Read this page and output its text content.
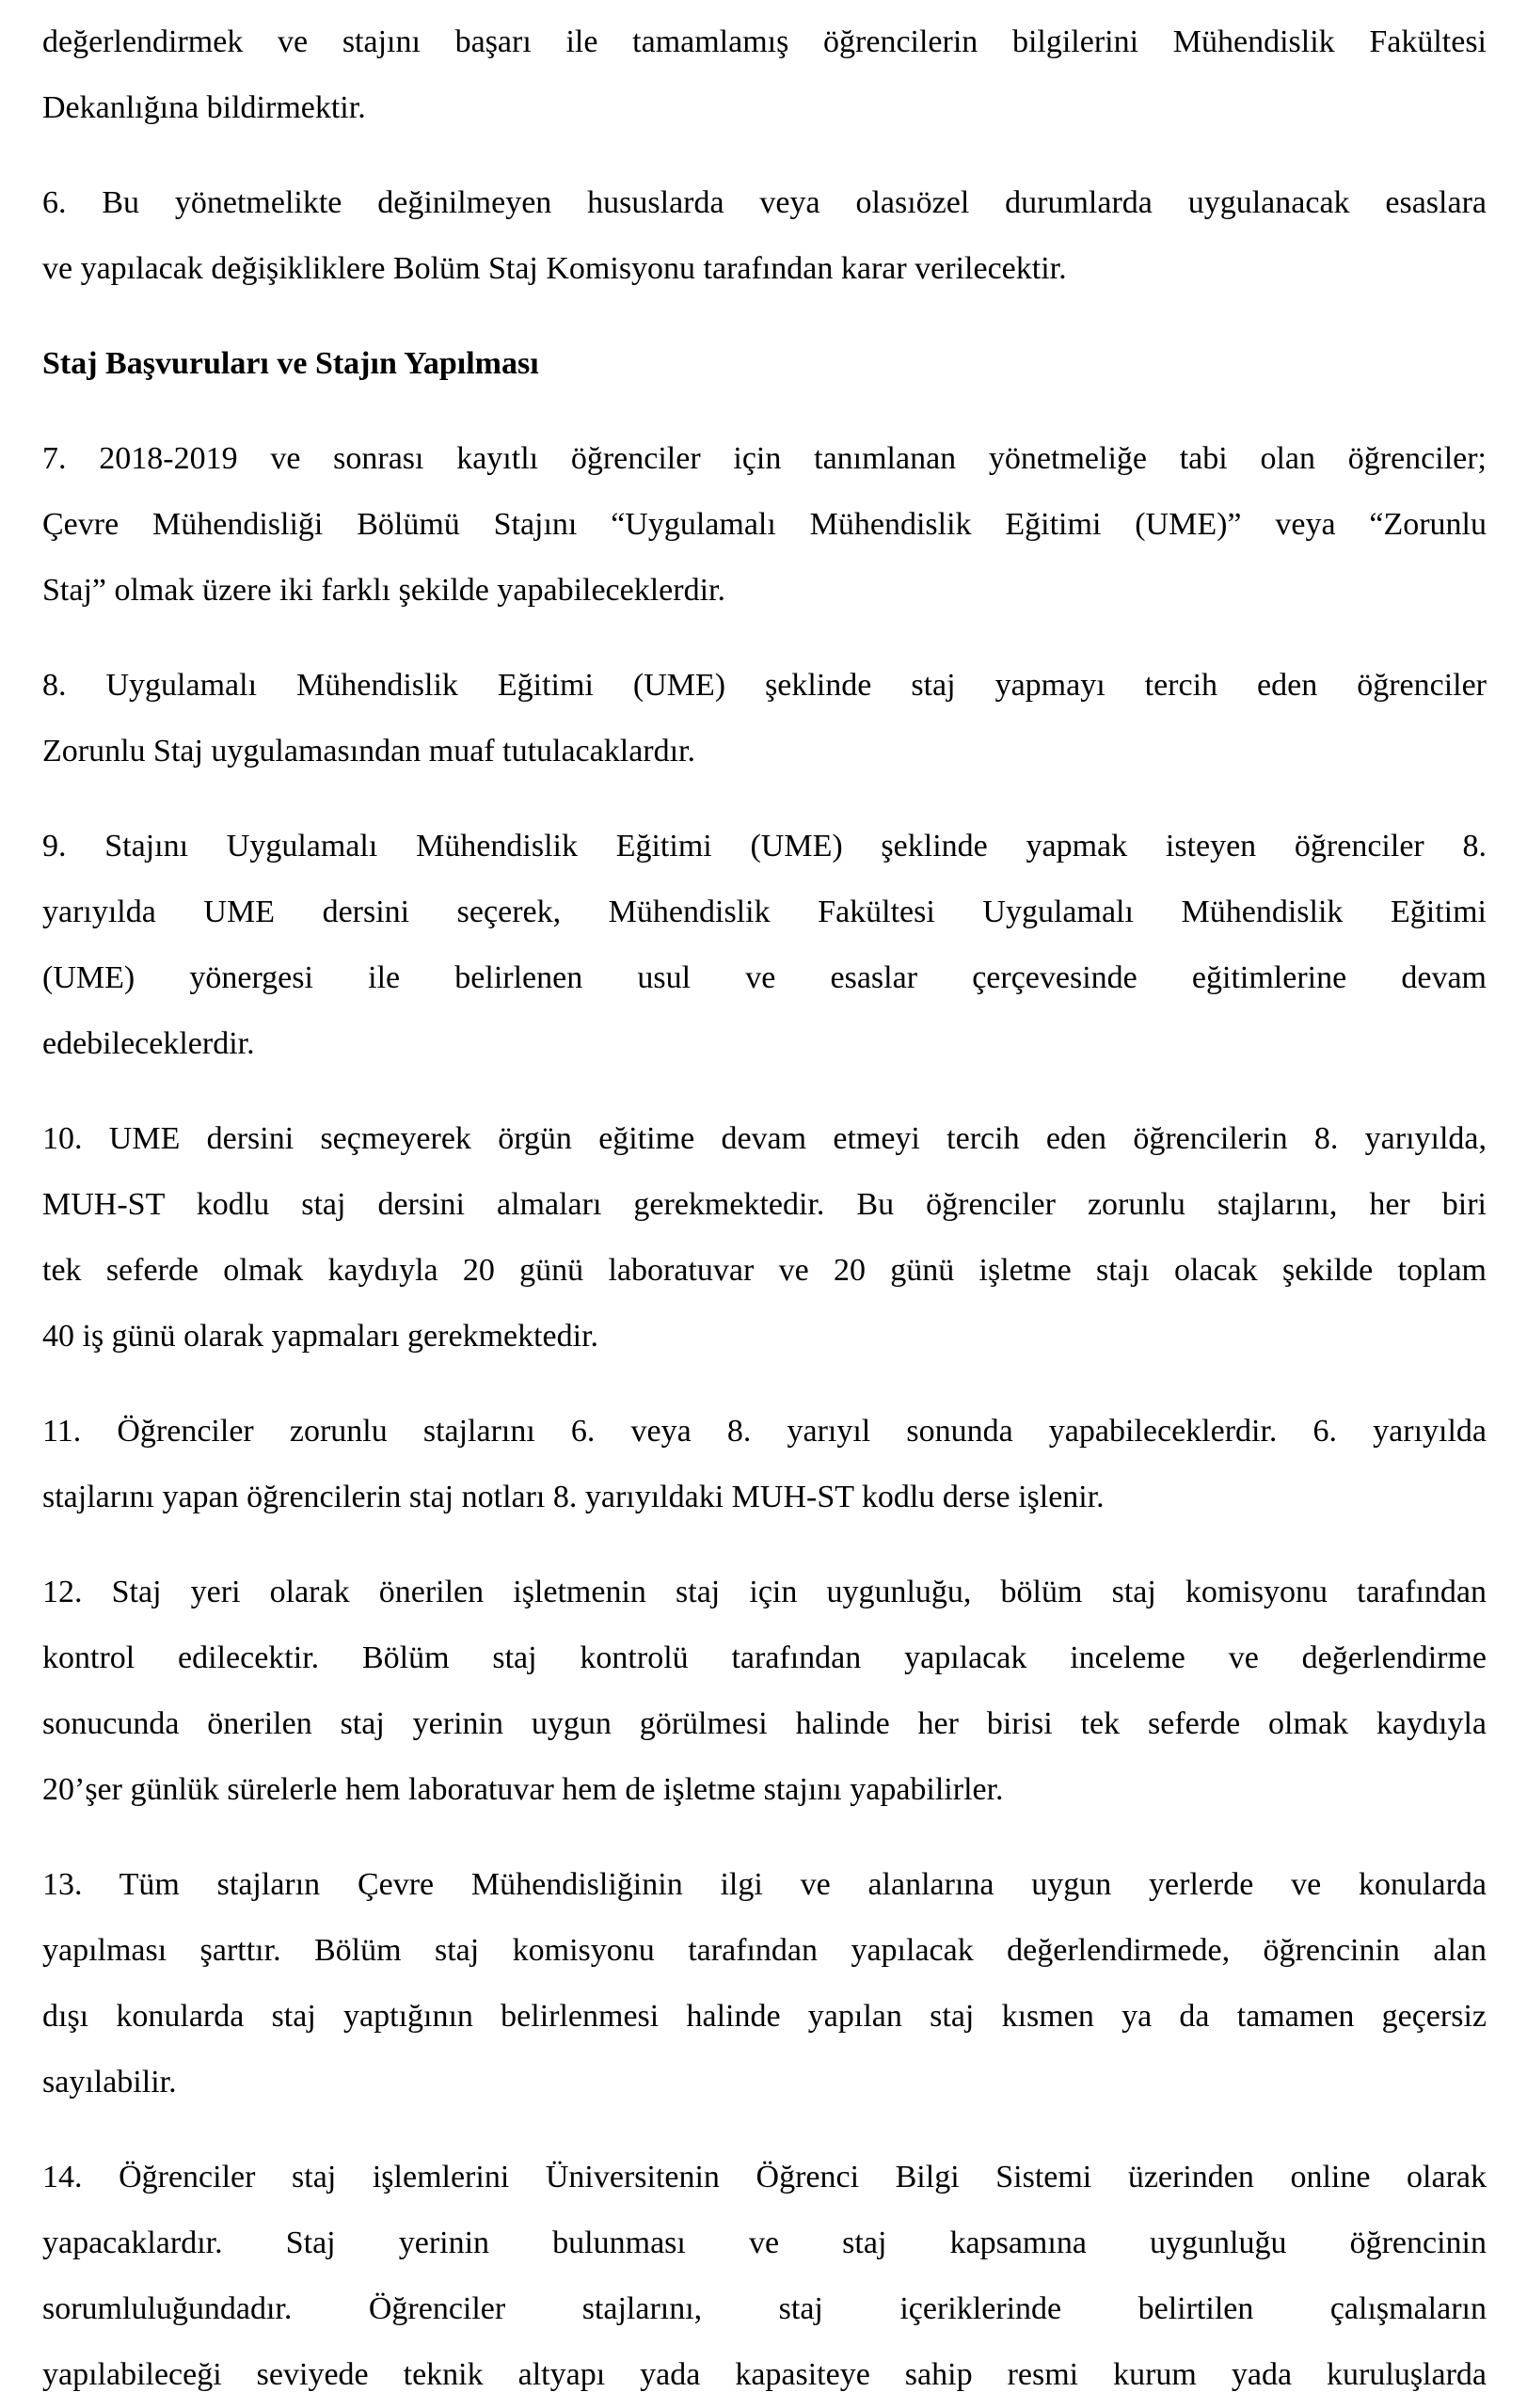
değerlendirmek ve stajını başarı ile tamamlamış öğrencilerin bilgilerini Mühendislik Fakültesi
Dekanlığına bildirmektir.
6. Bu yönetmelikte değinilmeyen hususlarda veya olasıözel durumlarda uygulanacak esaslara
ve yapılacak değişikliklere Bolüm Staj Komisyonu tarafından karar verilecektir.
Staj Başvuruları ve Stajın Yapılması
7. 2018-2019 ve sonrası kayıtlı öğrenciler için tanımlanan yönetmeliğe tabi olan öğrenciler;
Çevre Mühendisliği Bölümü Stajını “Uygulamalı Mühendislik Eğitimi (UME)” veya “Zorunlu
Staj” olmak üzere iki farklı şekilde yapabileceklerdir.
8. Uygulamalı Mühendislik Eğitimi (UME) şeklinde staj yapmayı tercih eden öğrenciler
Zorunlu Staj uygulamasından muaf tutulacaklardır.
9. Stajını Uygulamalı Mühendislik Eğitimi (UME) şeklinde yapmak isteyen öğrenciler 8.
yarıyılda UME dersini seçerek, Mühendislik Fakültesi Uygulamalı Mühendislik Eğitimi
(UME) yönergesi ile belirlenen usul ve esaslar çerçevesinde eğitimlerine devam
edebileceklerdir.
10. UME dersini seçmeyerek örgün eğitime devam etmeyi tercih eden öğrencilerin 8. yarıyılda,
MUH-ST kodlu staj dersini almaları gerekmektedir. Bu öğrenciler zorunlu stajlarını, her biri
tek seferde olmak kaydıyla 20 günü laboratuvar ve 20 günü işletme stajı olacak şekilde toplam
40 iş günü olarak yapmaları gerekmektedir.
11. Öğrenciler zorunlu stajlarını 6. veya 8. yarıyıl sonunda yapabileceklerdir. 6. yarıyılda
stajlarını yapan öğrencilerin staj notları 8. yarıyıldaki MUH-ST kodlu derse işlenir.
12. Staj yeri olarak önerilen işletmenin staj için uygunluğu, bölüm staj komisyonu tarafından
kontrol edilecektir. Bölüm staj kontrolü tarafından yapılacak inceleme ve değerlendirme
sonucunda önerilen staj yerinin uygun görülmesi halinde her birisi tek seferde olmak kaydıyla
20’şer günlük sürelerle hem laboratuvar hem de işletme stajını yapabilirler.
13. Tüm stajların Çevre Mühendisliğinin ilgi ve alanlarına uygun yerlerde ve konularda
yapılması şarttır. Bölüm staj komisyonu tarafından yapılacak değerlendirmede, öğrencinin alan
dışı konularda staj yaptığının belirlenmesi halinde yapılan staj kısmen ya da tamamen geçersiz
sayılabilir.
14. Öğrenciler staj işlemlerini Üniversitenin Öğrenci Bilgi Sistemi üzerinden online olarak
yapacaklardır. Staj yerinin bulunması ve staj kapsamına uygunluğu öğrencinin
sorumluluğundadır. Öğrenciler stajlarını, staj içeriklerinde belirtilen çalışmaların
yapılabileceği seviyede teknik altyapı yada kapasiteye sahip resmi kurum yada kuruluşlarda
